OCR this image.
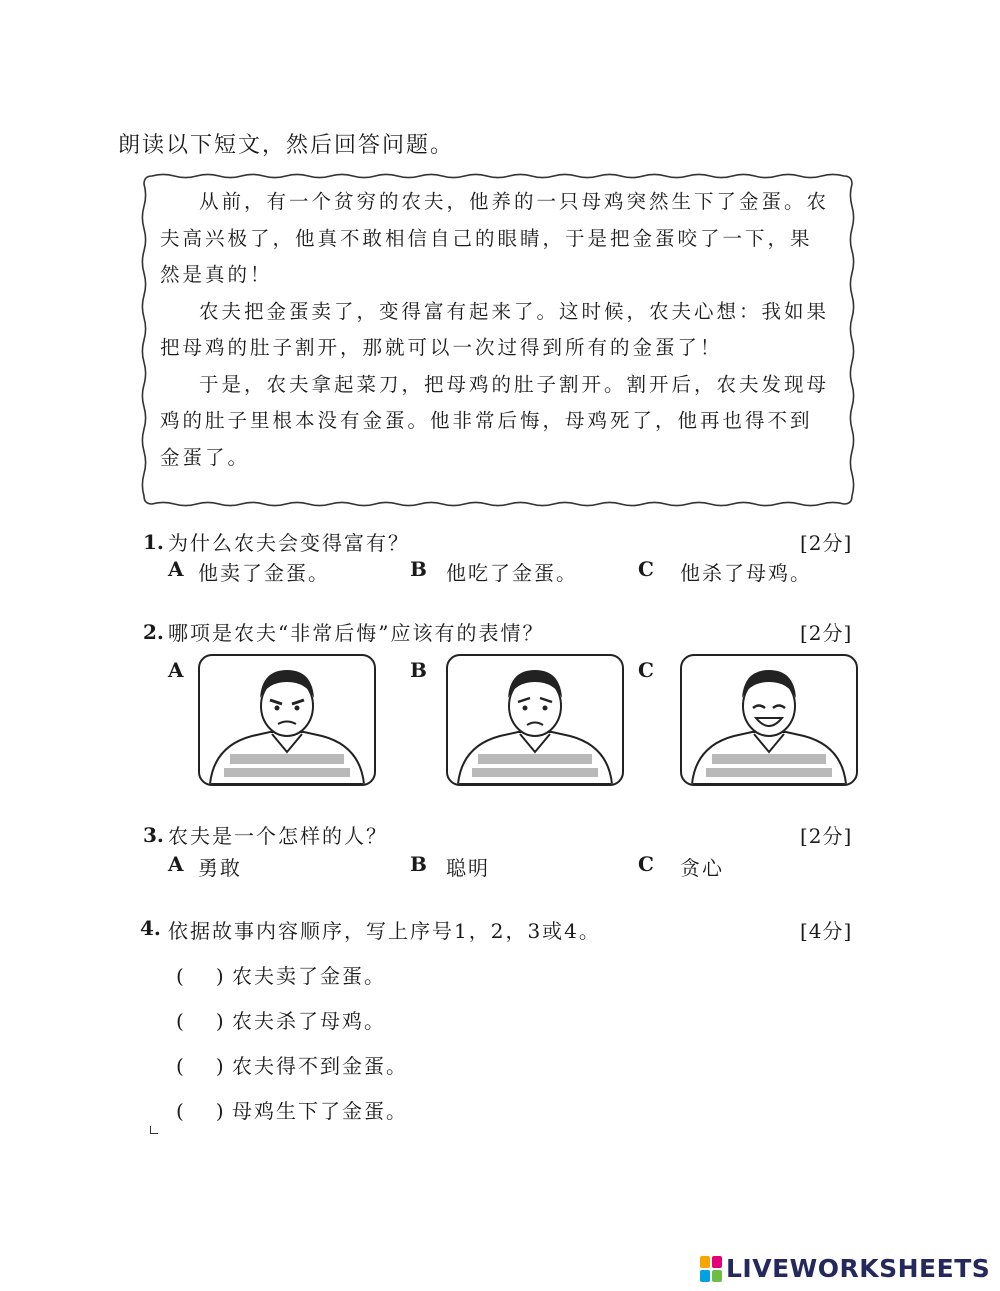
朗读以下短文，然后回答问题。

从前，有一个贫穷的农夫，他养的一只母鸡突然生下了金蛋。农夫高兴极了，他真不敢相信自己的眼睛，于是把金蛋咬了一下，果然是真的！

农夫把金蛋卖了，变得富有起来了。这时候，农夫心想：我如果把母鸡的肚子割开，那就可以一次过得到所有的金蛋了！

于是，农夫拿起菜刀，把母鸡的肚子割开。割开后，农夫发现母鸡的肚子里根本没有金蛋。他非常后悔，母鸡死了，他再也得不到金蛋了。

1. 为什么农夫会变得富有？	[2分]
A 他卖了金蛋。	B 他吃了金蛋。	C 他杀了母鸡。
2. 哪项是农夫“非常后悔”应该有的表情？	[2分]
A	B	C
3. 农夫是一个怎样的人？	[2分]
A 勇敢	B 聪明	C 贪心
4. 依据故事内容顺序，写上序号1，2，3或4。	[4分]
( ) 农夫卖了金蛋。
( ) 农夫杀了母鸡。
( ) 农夫得不到金蛋。
( ) 母鸡生下了金蛋。
LIVEWORKSHEETS
